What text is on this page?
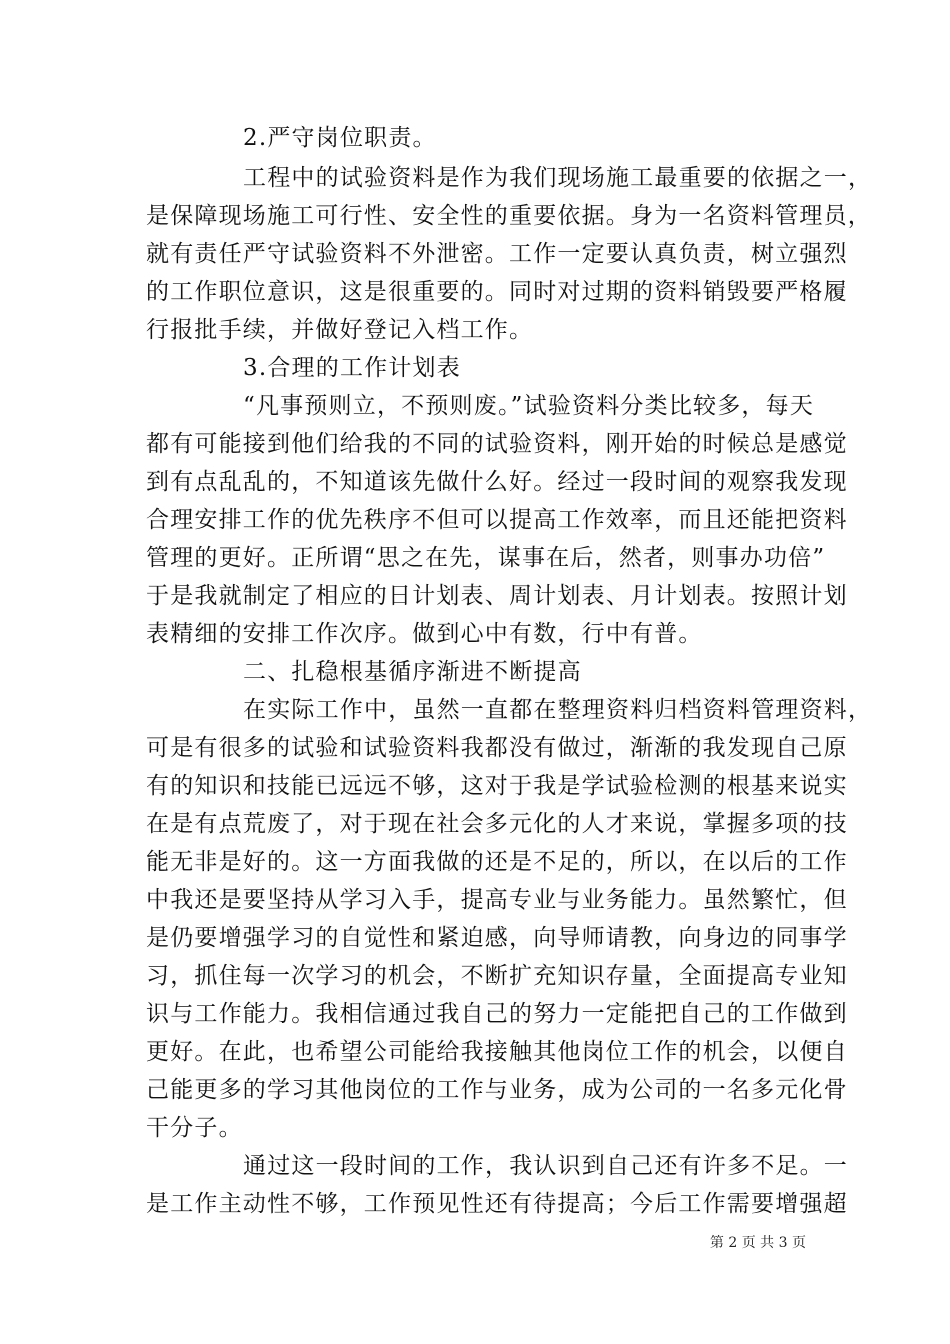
2.严守岗位职责。
工程中的试验资料是作为我们现场施工最重要的依据之一，
是保障现场施工可行性、安全性的重要依据。身为一名资料管理员，
就有责任严守试验资料不外泄密。工作一定要认真负责，树立强烈
的工作职位意识，这是很重要的。同时对过期的资料销毁要严格履
行报批手续，并做好登记入档工作。
3.合理的工作计划表
“凡事预则立，不预则废。”试验资料分类比较多，每天
都有可能接到他们给我的不同的试验资料，刚开始的时候总是感觉
到有点乱乱的，不知道该先做什么好。经过一段时间的观察我发现
合理安排工作的优先秩序不但可以提高工作效率，而且还能把资料
管理的更好。正所谓“思之在先，谋事在后，然者，则事办功倍”
于是我就制定了相应的日计划表、周计划表、月计划表。按照计划
表精细的安排工作次序。做到心中有数，行中有普。
二、扎稳根基循序渐进不断提高
在实际工作中，虽然一直都在整理资料归档资料管理资料，
可是有很多的试验和试验资料我都没有做过，渐渐的我发现自己原
有的知识和技能已远远不够，这对于我是学试验检测的根基来说实
在是有点荒废了，对于现在社会多元化的人才来说，掌握多项的技
能无非是好的。这一方面我做的还是不足的，所以，在以后的工作
中我还是要坚持从学习入手，提高专业与业务能力。虽然繁忙，但
是仍要增强学习的自觉性和紧迫感，向导师请教，向身边的同事学
习，抓住每一次学习的机会，不断扩充知识存量，全面提高专业知
识与工作能力。我相信通过我自己的努力一定能把自己的工作做到
更好。在此，也希望公司能给我接触其他岗位工作的机会，以便自
己能更多的学习其他岗位的工作与业务，成为公司的一名多元化骨
干分子。
通过这一段时间的工作，我认识到自己还有许多不足。一
是工作主动性不够，工作预见性还有待提高；今后工作需要增强超
第 2 页 共 3 页
